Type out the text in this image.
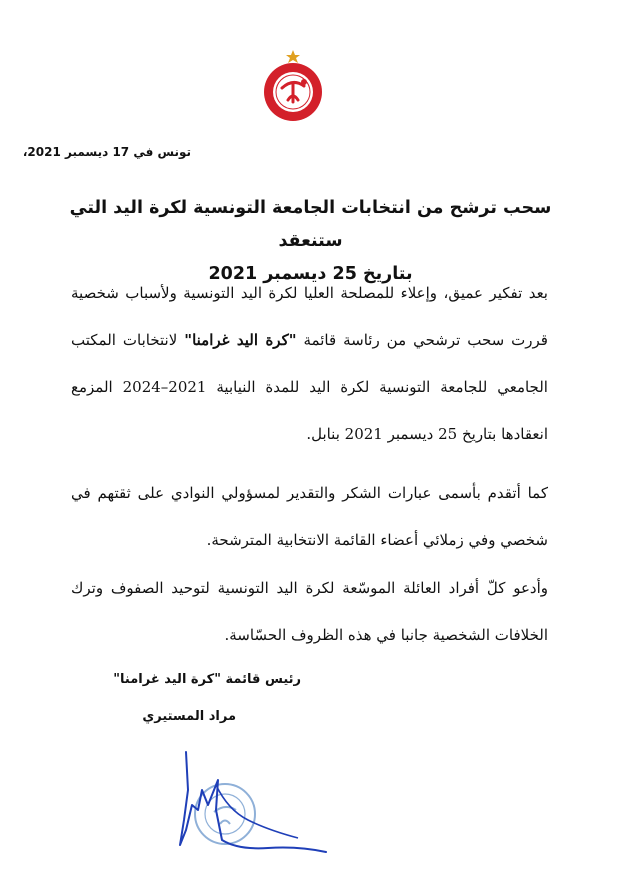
تونس في 17 ديسمبر 2021،
سحب ترشح من انتخابات الجامعة التونسية لكرة اليد التي ستنعقد
بتاريخ 25 ديسمبر 2021
بعد تفكير عميق، وإعلاء للمصلحة العليا لكرة اليد التونسية ولأسباب شخصية قررت سحب ترشحي من رئاسة قائمة "كرة اليد غرامنا" لانتخابات المكتب الجامعي للجامعة التونسية لكرة اليد للمدة النيابية 2021–2024 المزمع انعقادها بتاريخ 25 ديسمبر 2021 بنابل.
كما أتقدم بأسمى عبارات الشكر والتقدير لمسؤولي النوادي على ثقتهم في شخصي وفي زملائي أعضاء القائمة الانتخابية المترشحة.
وأدعو كلّ أفراد العائلة الموسّعة لكرة اليد التونسية لتوحيد الصفوف وترك الخلافات الشخصية جانبا في هذه الظروف الحسّاسة.
رئيس قائمة "كرة اليد غرامنا"
مراد المستيري
